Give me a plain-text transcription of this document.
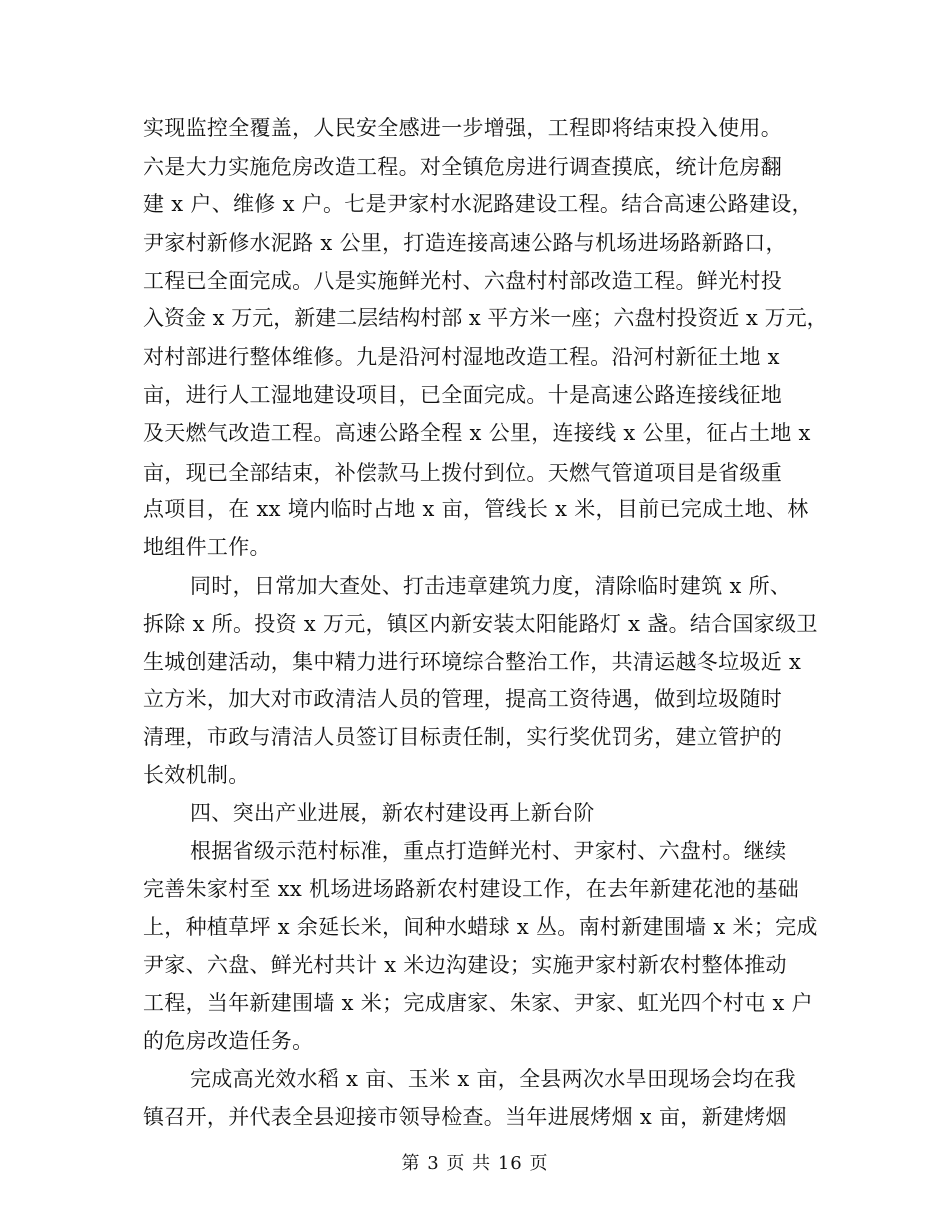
实现监控全覆盖，人民安全感进一步增强，工程即将结束投入使用。
六是大力实施危房改造工程。对全镇危房进行调查摸底，统计危房翻
建 x 户、维修 x 户。七是尹家村水泥路建设工程。结合高速公路建设，
尹家村新修水泥路 x 公里，打造连接高速公路与机场进场路新路口，
工程已全面完成。八是实施鲜光村、六盘村村部改造工程。鲜光村投
入资金 x 万元，新建二层结构村部 x 平方米一座；六盘村投资近 x 万元，
对村部进行整体维修。九是沿河村湿地改造工程。沿河村新征土地 x
亩，进行人工湿地建设项目，已全面完成。十是高速公路连接线征地
及天燃气改造工程。高速公路全程 x 公里，连接线 x 公里，征占土地 x
亩，现已全部结束，补偿款马上拨付到位。天燃气管道项目是省级重
点项目，在 xx 境内临时占地 x 亩，管线长 x 米，目前已完成土地、林
地组件工作。
同时，日常加大查处、打击违章建筑力度，清除临时建筑 x 所、
拆除 x 所。投资 x 万元，镇区内新安装太阳能路灯 x 盏。结合国家级卫
生城创建活动，集中精力进行环境综合整治工作，共清运越冬垃圾近 x
立方米，加大对市政清洁人员的管理，提高工资待遇，做到垃圾随时
清理，市政与清洁人员签订目标责任制，实行奖优罚劣，建立管护的
长效机制。
四、突出产业进展，新农村建设再上新台阶
根据省级示范村标准，重点打造鲜光村、尹家村、六盘村。继续
完善朱家村至 xx 机场进场路新农村建设工作，在去年新建花池的基础
上，种植草坪 x 余延长米，间种水蜡球 x 丛。南村新建围墙 x 米；完成
尹家、六盘、鲜光村共计 x 米边沟建设；实施尹家村新农村整体推动
工程，当年新建围墙 x 米；完成唐家、朱家、尹家、虹光四个村屯 x 户
的危房改造任务。
完成高光效水稻 x 亩、玉米 x 亩，全县两次水旱田现场会均在我
镇召开，并代表全县迎接市领导检查。当年进展烤烟 x 亩，新建烤烟
第 3 页 共 16 页
